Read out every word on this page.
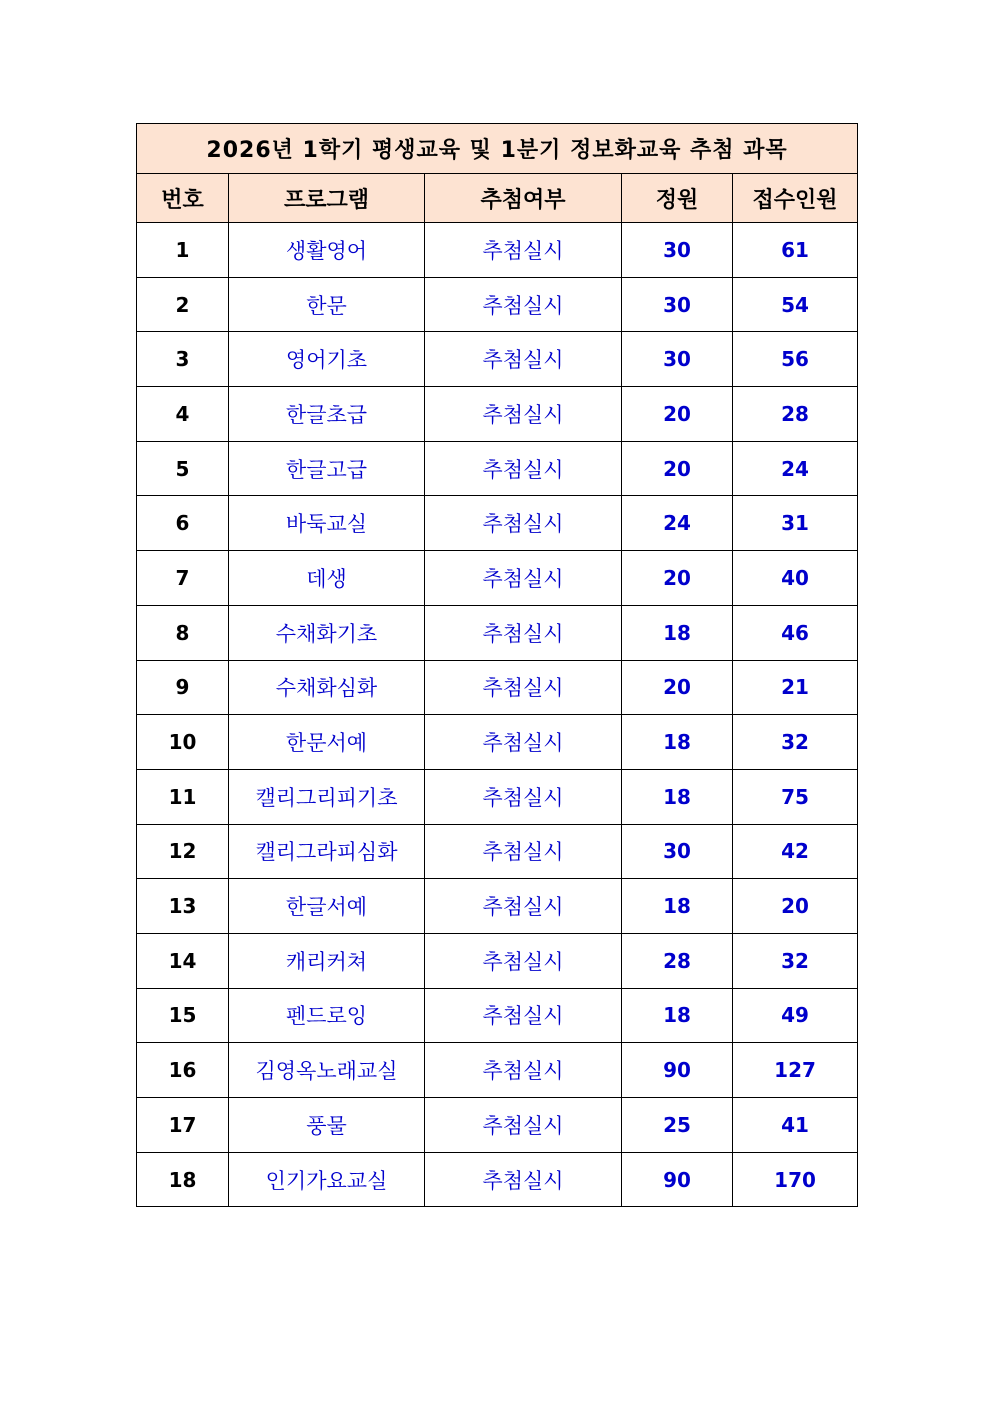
2026년 1학기 평생교육 및 1분기 정보화교육 추첨 과목				
번호	프로그램	추첨여부	정원	접수인원
1	생활영어	추첨실시	30	61
2	한문	추첨실시	30	54
3	영어기초	추첨실시	30	56
4	한글초급	추첨실시	20	28
5	한글고급	추첨실시	20	24
6	바둑교실	추첨실시	24	31
7	데생	추첨실시	20	40
8	수채화기초	추첨실시	18	46
9	수채화심화	추첨실시	20	21
10	한문서예	추첨실시	18	32
11	캘리그리피기초	추첨실시	18	75
12	캘리그라피심화	추첨실시	30	42
13	한글서예	추첨실시	18	20
14	캐리커쳐	추첨실시	28	32
15	펜드로잉	추첨실시	18	49
16	김영옥노래교실	추첨실시	90	127
17	풍물	추첨실시	25	41
18	인기가요교실	추첨실시	90	170
